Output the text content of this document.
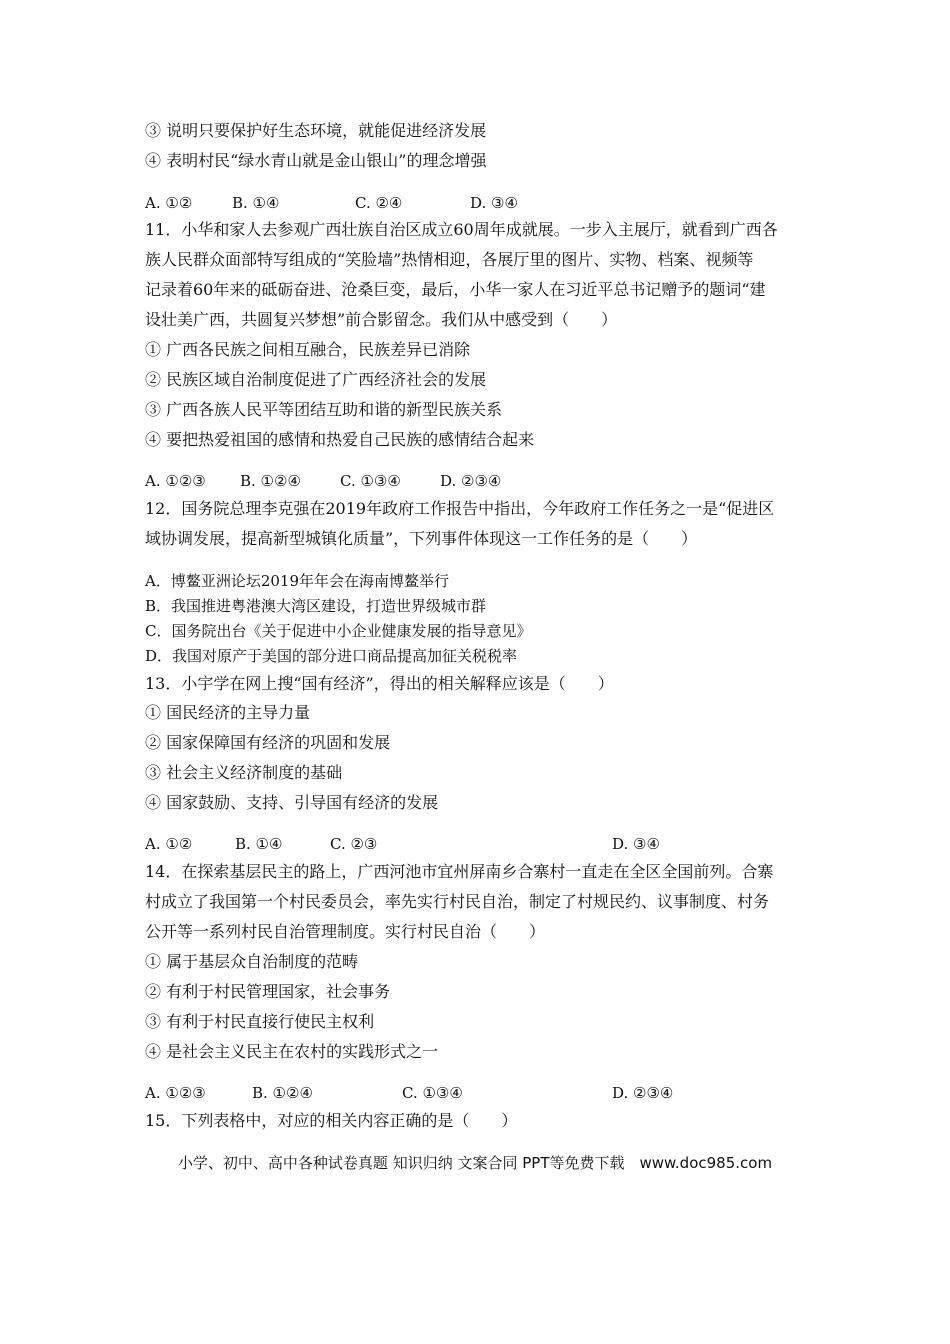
③ 说明只要保护好生态环境，就能促进经济发展
④ 表明村民“绿水青山就是金山银山”的理念增强
A. ①②	B. ①④	C. ②④	D. ③④
11．小华和家人去参观广西壮族自治区成立60周年成就展。一步入主展厅，就看到广西各
族人民群众面部特写组成的“笑脸墙”热情相迎，各展厅里的图片、实物、档案、视频等
记录着60年来的砥砺奋进、沧桑巨变，最后，小华一家人在习近平总书记赠予的题词“建
设壮美广西，共圆复兴梦想”前合影留念。我们从中感受到（　　）
① 广西各民族之间相互融合，民族差异已消除
② 民族区域自治制度促进了广西经济社会的发展
③ 广西各族人民平等团结互助和谐的新型民族关系
④ 要把热爱祖国的感情和热爱自己民族的感情结合起来
A. ①②③ B. ①②④	C. ①③④	D. ②③④
12．国务院总理李克强在2019年政府工作报告中指出，今年政府工作任务之一是“促进区
域协调发展，提高新型城镇化质量”，下列事件体现这一工作任务的是（　　）
A．博鳌亚洲论坛2019年年会在海南博鳌举行
B．我国推进粤港澳大湾区建设，打造世界级城市群
C．国务院出台《关于促进中小企业健康发展的指导意见》
D．我国对原产于美国的部分进口商品提高加征关税税率
13．小宇学在网上搜“国有经济”，得出的相关解释应该是（　　）
① 国民经济的主导力量
② 国家保障国有经济的巩固和发展
③ 社会主义经济制度的基础
④ 国家鼓励、支持、引导国有经济的发展
A. ①②	B. ①④	C. ②③	D. ③④
14．在探索基层民主的路上，广西河池市宜州屏南乡合寨村一直走在全区全国前列。合寨
村成立了我国第一个村民委员会，率先实行村民自治，制定了村规民约、议事制度、村务
公开等一系列村民自治管理制度。实行村民自治（　　）
① 属于基层众自治制度的范畴
② 有利于村民管理国家，社会事务
③ 有利于村民直接行使民主权利
④ 是社会主义民主在农村的实践形式之一
A. ①②③	B. ①②④	C. ①③④	D. ②③④
15．下列表格中，对应的相关内容正确的是（　　）
小学、初中、高中各种试卷真题 知识归纳 文案合同 PPT等免费下载　www.doc985.com
